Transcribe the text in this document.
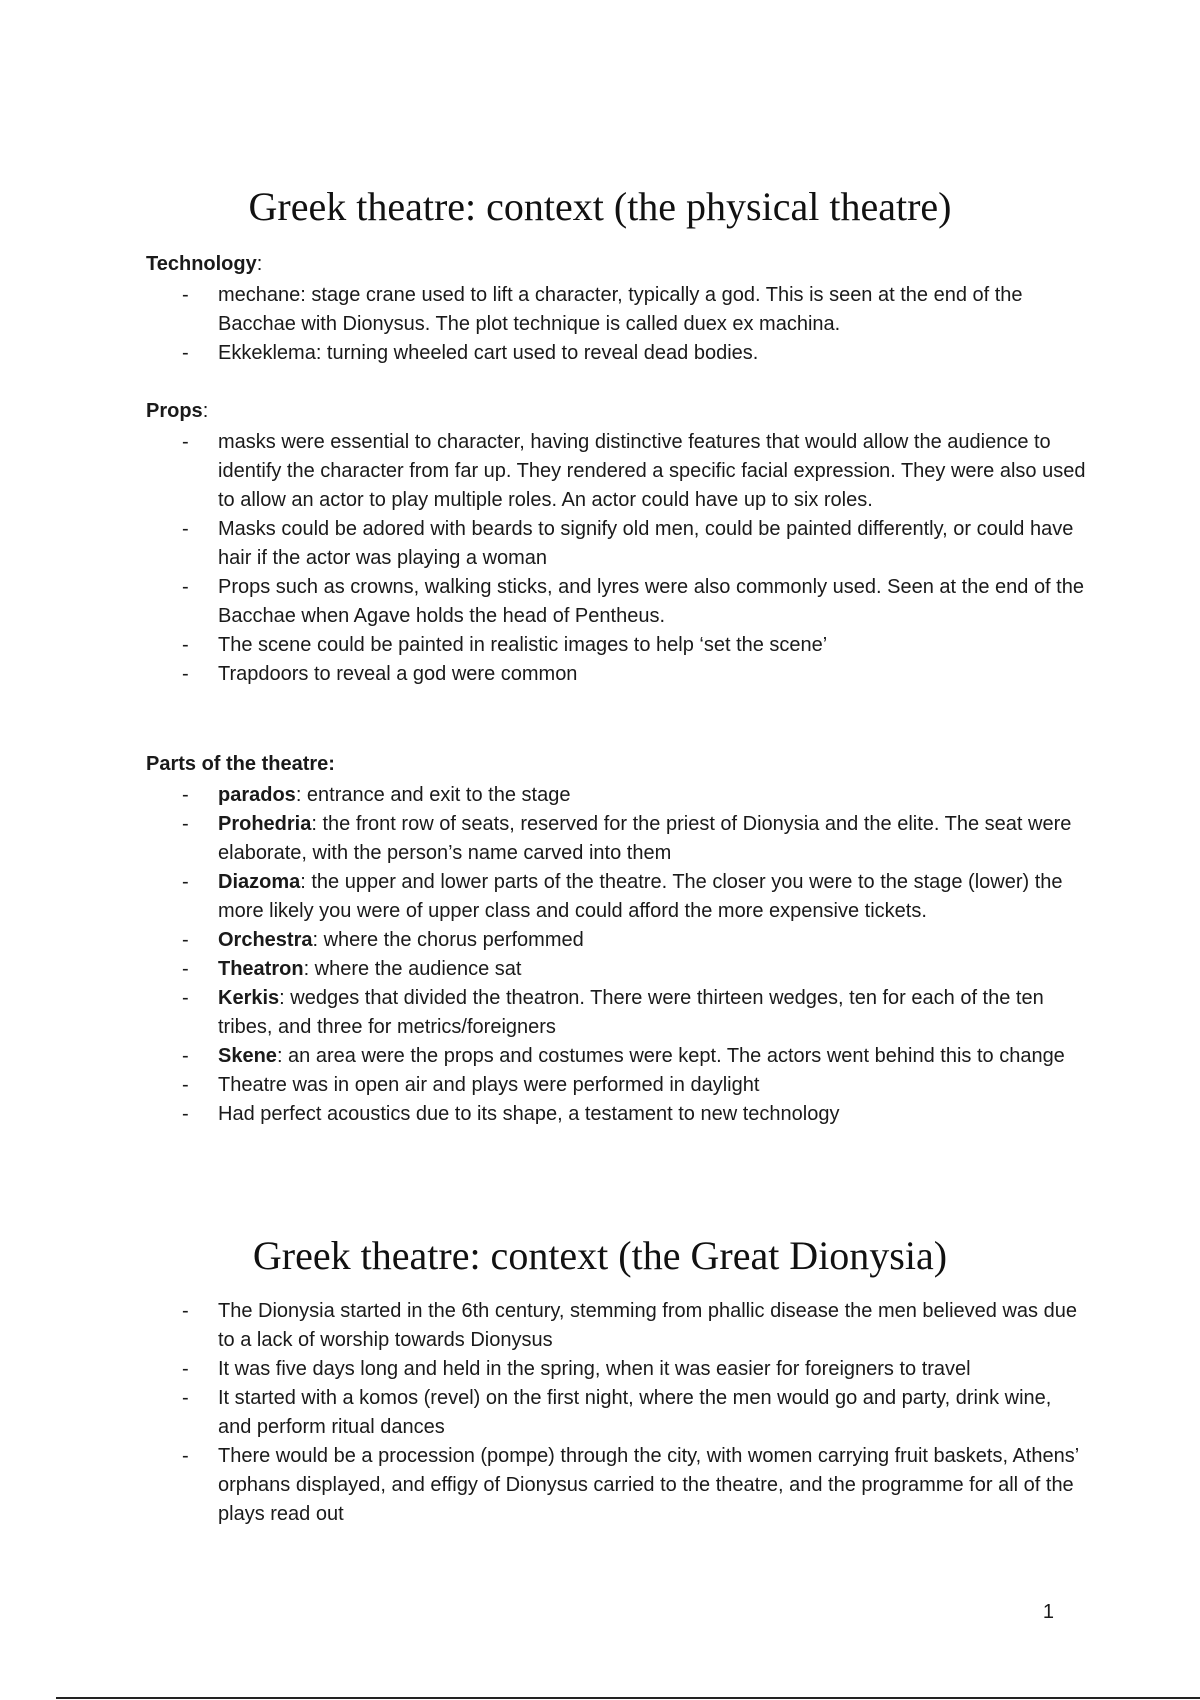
Greek theatre: context (the physical theatre)
Technology:
-	mechane: stage crane used to lift a character, typically a god. This is seen at the end of the Bacchae with Dionysus. The plot technique is called duex ex machina.
-	Ekkeklema: turning wheeled cart used to reveal dead bodies.
Props:
-	masks were essential to character, having distinctive features that would allow the audience to identify the character from far up. They rendered a specific facial expression. They were also used to allow an actor to play multiple roles. An actor could have up to six roles.
-	Masks could be adored with beards to signify old men, could be painted differently, or could have hair if the actor was playing a woman
-	Props such as crowns, walking sticks, and lyres were also commonly used. Seen at the end of the Bacchae when Agave holds the head of Pentheus.
-	The scene could be painted in realistic images to help ‘set the scene’
-	Trapdoors to reveal a god were common
Parts of the theatre:
-	parados: entrance and exit to the stage
-	Prohedria: the front row of seats, reserved for the priest of Dionysia and the elite. The seat were elaborate, with the person’s name carved into them
-	Diazoma: the upper and lower parts of the theatre. The closer you were to the stage (lower) the more likely you were of upper class and could afford the more expensive tickets.
-	Orchestra: where the chorus perfommed
-	Theatron: where the audience sat
-	Kerkis: wedges that divided the theatron. There were thirteen wedges, ten for each of the ten tribes, and three for metrics/foreigners
-	Skene: an area were the props and costumes were kept. The actors went behind this to change
-	Theatre was in open air and plays were performed in daylight
-	Had perfect acoustics due to its shape, a testament to new technology
Greek theatre: context (the Great Dionysia)
-	The Dionysia started in the 6th century, stemming from phallic disease the men believed was due to a lack of worship towards Dionysus
-	It was five days long and held in the spring, when it was easier for foreigners to travel
-	It started with a komos (revel) on the first night, where the men would go and party, drink wine, and perform ritual dances
-	There would be a procession (pompe) through the city, with women carrying fruit baskets, Athens’ orphans displayed, and effigy of Dionysus carried to the theatre, and the programme for all of the plays read out
1
